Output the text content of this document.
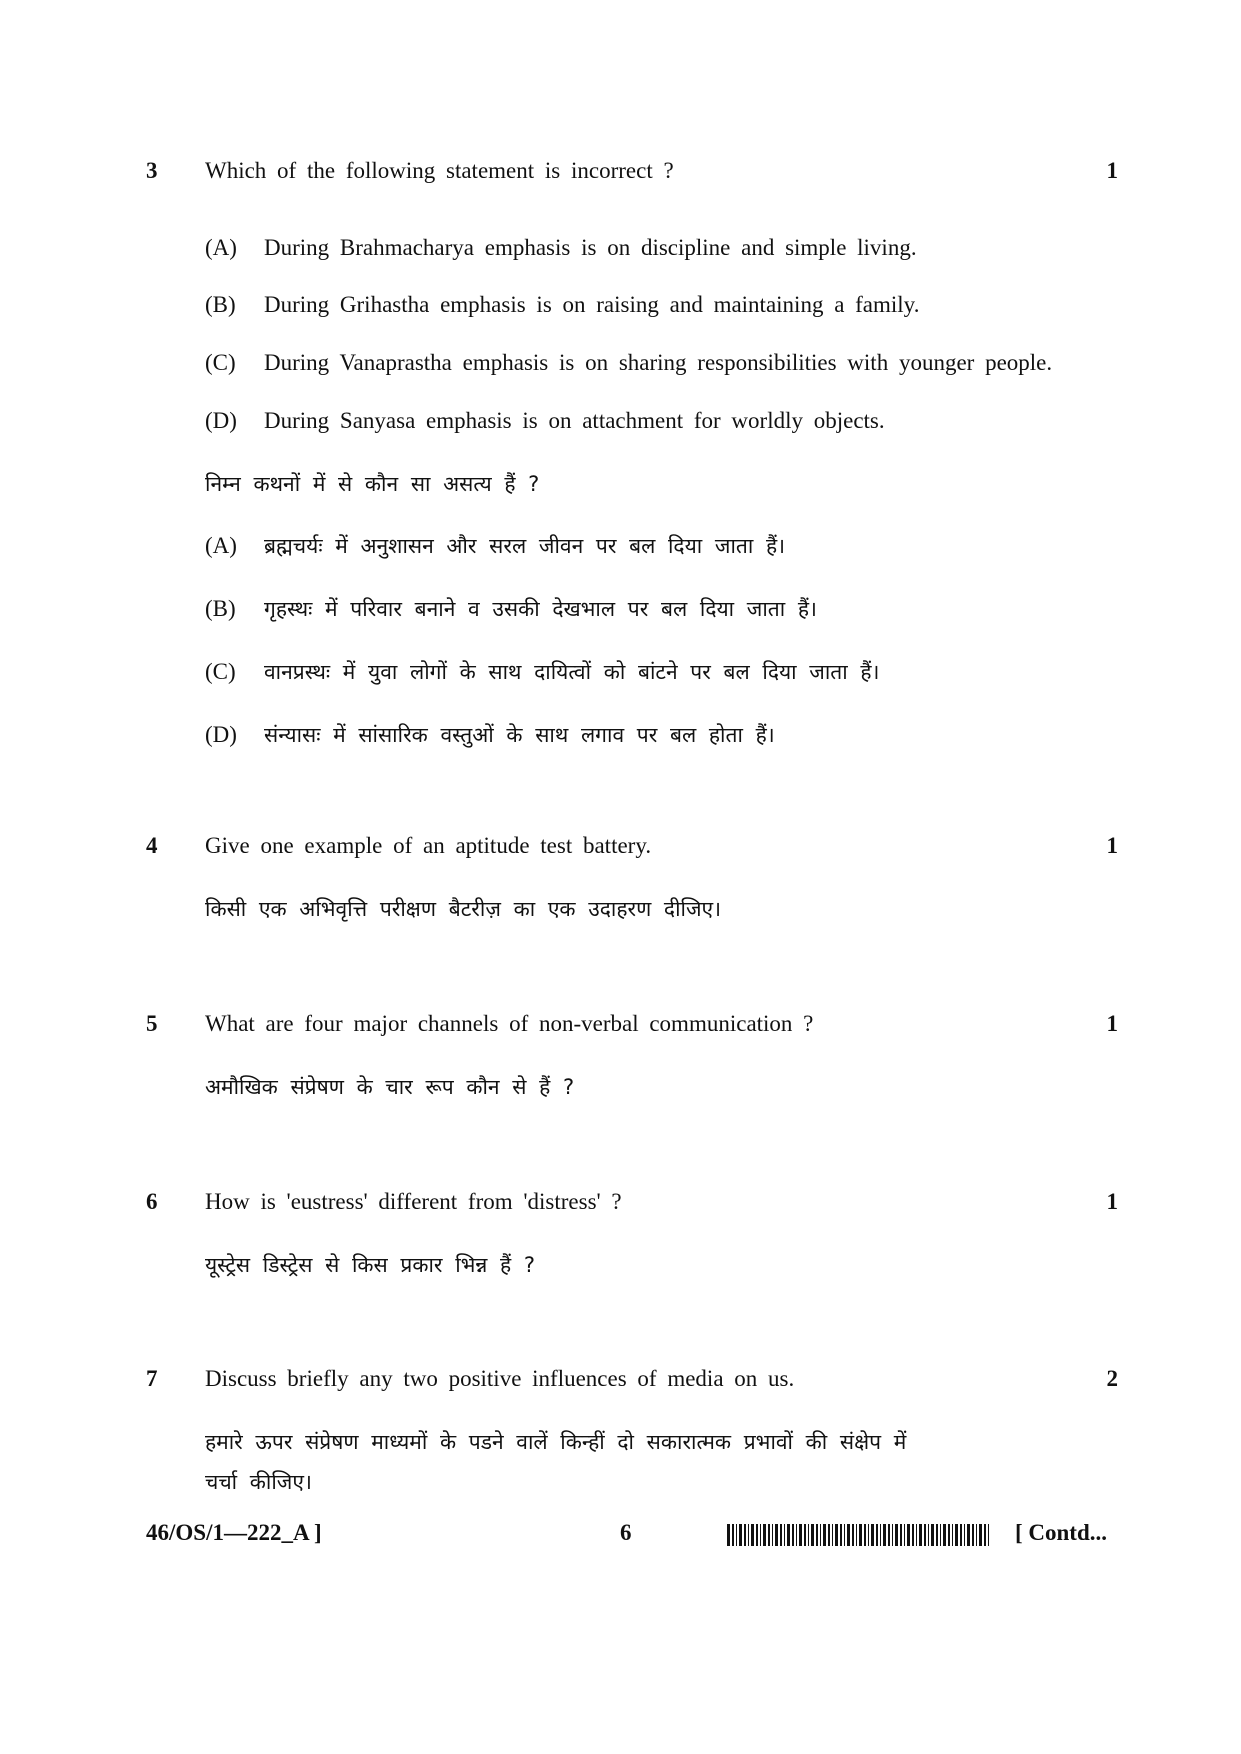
3 Which of the following statement is incorrect ?	1
(A) During Brahmacharya emphasis is on discipline and simple living.
(B) During Grihastha emphasis is on raising and maintaining a family.
(C) During Vanaprastha emphasis is on sharing responsibilities with younger people.
(D) During Sanyasa emphasis is on attachment for worldly objects.
निम्न कथनों में से कौन सा असत्य हैं ?
(A) ब्रह्मचर्यः में अनुशासन और सरल जीवन पर बल दिया जाता हैं।
(B) गृहस्थः में परिवार बनाने व उसकी देखभाल पर बल दिया जाता हैं।
(C) वानप्रस्थः में युवा लोगों के साथ दायित्वों को बांटने पर बल दिया जाता हैं।
(D) संन्यासः में सांसारिक वस्तुओं के साथ लगाव पर बल होता हैं।
4 Give one example of an aptitude test battery.	1
किसी एक अभिवृत्ति परीक्षण बैटरीज़ का एक उदाहरण दीजिए।
5 What are four major channels of non-verbal communication ?	1
अमौखिक संप्रेषण के चार रूप कौन से हैं ?
6 How is 'eustress' different from 'distress' ?	1
यूस्ट्रेस डिस्ट्रेस से किस प्रकार भिन्न हैं ?
7 Discuss briefly any two positive influences of media on us.	2
हमारे ऊपर संप्रेषण माध्यमों के पडने वालें किन्हीं दो सकारात्मक प्रभावों की संक्षेप में
चर्चा कीजिए।
46/OS/1—222_A ]	6	[ Contd...
